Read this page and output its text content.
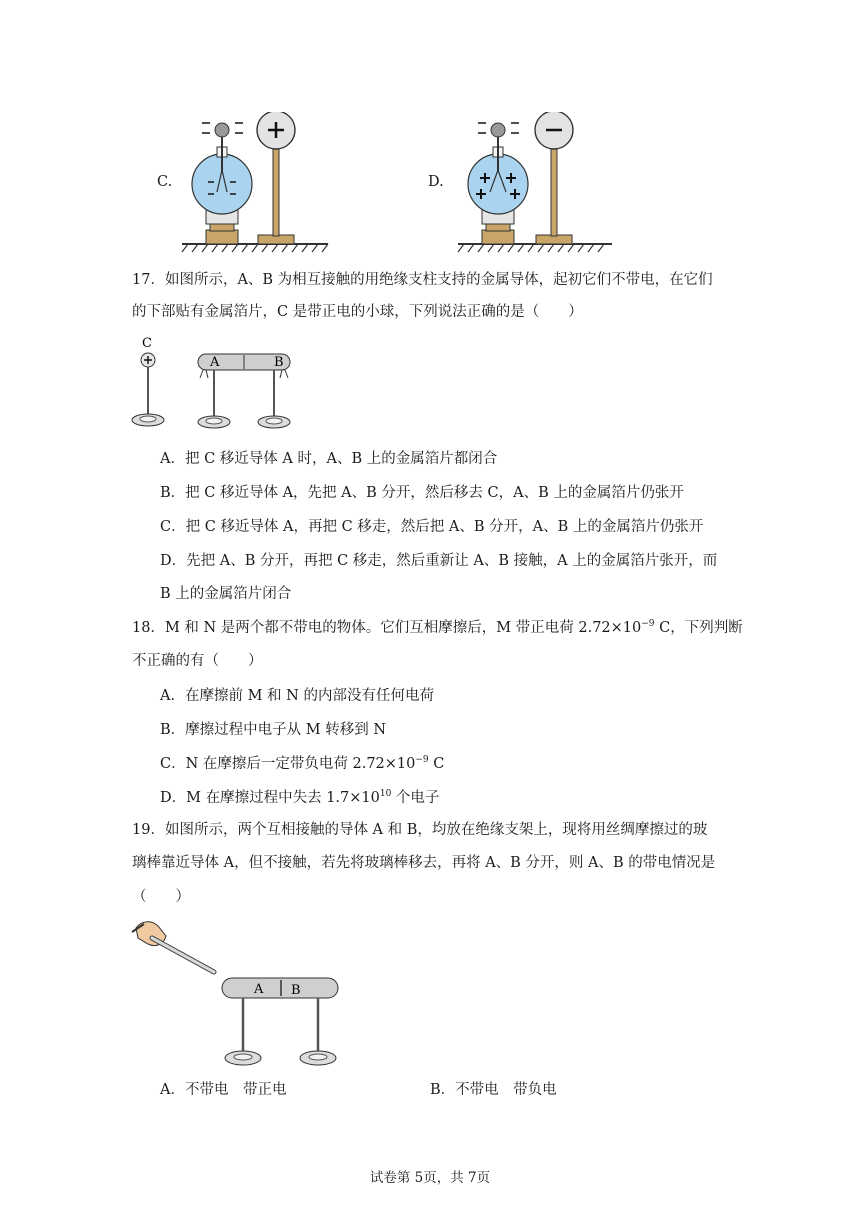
C.	D.
17．如图所示，A、B 为相互接触的用绝缘支柱支持的金属导体，起初它们不带电，在它们
的下部贴有金属箔片，C 是带正电的小球，下列说法正确的是（　　）
C
A	B
A．把 C 移近导体 A 时，A、B 上的金属箔片都闭合
B．把 C 移近导体 A，先把 A、B 分开，然后移去 C，A、B 上的金属箔片仍张开
C．把 C 移近导体 A，再把 C 移走，然后把 A、B 分开，A、B 上的金属箔片仍张开
D．先把 A、B 分开，再把 C 移走，然后重新让 A、B 接触，A 上的金属箔片张开，而
B 上的金属箔片闭合
18．M 和 N 是两个都不带电的物体。它们互相摩擦后，M 带正电荷 $2.72\times 10^{-9}$ C，下列判断
不正确的有（　　）
A．在摩擦前 M 和 N 的内部没有任何电荷
B．摩擦过程中电子从 M 转移到 N
C．N 在摩擦后一定带负电荷 $2.72\times 10^{-9}$ C
D．M 在摩擦过程中失去 $1.7\times 10^{10}$ 个电子
19．如图所示，两个互相接触的导体 A 和 B，均放在绝缘支架上，现将用丝绸摩擦过的玻
璃棒靠近导体 A，但不接触，若先将玻璃棒移去，再将 A、B 分开，则 A、B 的带电情况是
（　　）
A B
A．不带电　带正电	B．不带电　带负电
试卷第 5页，共 7页
